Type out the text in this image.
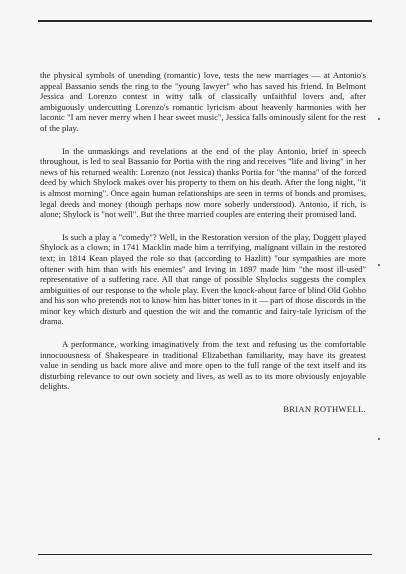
the physical symbols of unending (romantic) love, tests the new marriages — at Antonio's appeal Bassanio sends the ring to the "young lawyer" who has saved his friend. In Belmont Jessica and Lorenzo contest in witty talk of classically unfaithful lovers and, after ambiguously undercutting Lorenzo's romantic lyricism about heavenly harmonies with her laconic "I am never merry when I hear sweet music", Jessica falls ominously silent for the rest of the play.

In the unmaskings and revelations at the end of the play Antonio, brief in speech throughout, is led to seal Bassanio for Portia with the ring and receives "life and living" in her news of his returned wealth: Lorenzo (not Jessica) thanks Portia for "the manna" of the forced deed by which Shylock makes over his property to them on his death. After the long night, "it is almost morning". Once again human relationships are seen in terms of bonds and promises, legal deeds and money (though perhaps now more soberly understood). Antonio, if rich, is alone; Shylock is "not well". But the three married couples are entering their promised land.

Is such a play a "comedy"? Well, in the Restoration version of the play, Doggett played Shylock as a clown; in 1741 Macklin made him a terrifying, malignant villain in the restored text; in 1814 Kean played the role so that (according to Hazlitt) "our sympathies are more oftener with him than with his enemies" and Irving in 1897 made him "the most ill-used" representative of a suffering race. All that range of possible Shylocks suggests the complex ambiguities of our response to the whole play. Even the knock-about farce of blind Old Gobbo and his son who pretends not to know him has bitter tones in it — part of those discords in the minor key which disturb and question the wit and the romantic and fairy-tale lyricism of the drama.

A performance, working imaginatively from the text and refusing us the comfortable innocuousness of Shakespeare in traditional Elizabethan familiarity, may have its greatest value in sending us back more alive and more open to the full range of the text itself and its disturbing relevance to our own society and lives, as well as to its more obviously enjoyable delights.

BRIAN ROTHWELL.
